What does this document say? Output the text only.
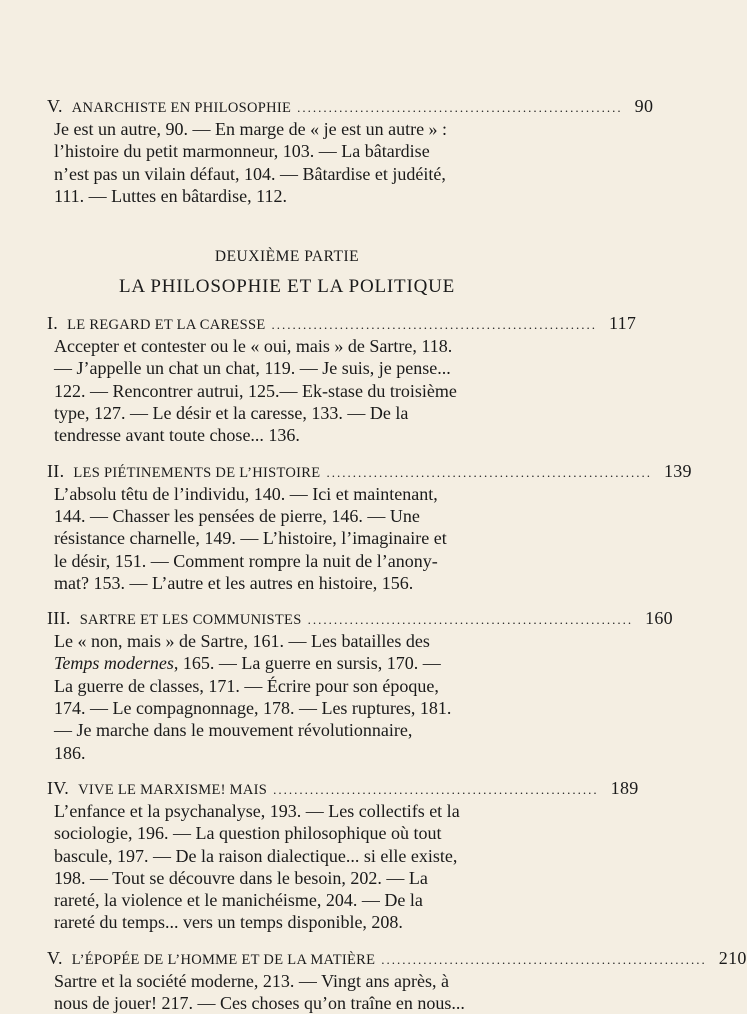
V. ANARCHISTE EN PHILOSOPHIE .............................................................. 90

Je est un autre, 90. — En marge de « je est un autre » :

l’histoire du petit marmonneur, 103. — La bâtardise

n’est pas un vilain défaut, 104. — Bâtardise et judéité,

111. — Luttes en bâtardise, 112.

DEUXIÈME PARTIE
LA PHILOSOPHIE ET LA POLITIQUE
I. LE REGARD ET LA CARESSE .............................................................. 117

Accepter et contester ou le « oui, mais » de Sartre, 118.

— J’appelle un chat un chat, 119. — Je suis, je pense...

122. — Rencontrer autrui, 125.— Ek-stase du troisième

type, 127. — Le désir et la caresse, 133. — De la

tendresse avant toute chose... 136.

II. LES PIÉTINEMENTS DE L’HISTOIRE .............................................................. 139

L’absolu têtu de l’individu, 140. — Ici et maintenant,

144. — Chasser les pensées de pierre, 146. — Une

résistance charnelle, 149. — L’histoire, l’imaginaire et

le désir, 151. — Comment rompre la nuit de l’anony-

mat? 153. — L’autre et les autres en histoire, 156.

III. SARTRE ET LES COMMUNISTES .............................................................. 160

Le « non, mais » de Sartre, 161. — Les batailles des

Temps modernes, 165. — La guerre en sursis, 170. —

La guerre de classes, 171. — Écrire pour son époque,

174. — Le compagnonnage, 178. — Les ruptures, 181.

— Je marche dans le mouvement révolutionnaire,

186.

IV. VIVE LE MARXISME! MAIS .............................................................. 189

L’enfance et la psychanalyse, 193. — Les collectifs et la

sociologie, 196. — La question philosophique où tout

bascule, 197. — De la raison dialectique... si elle existe,

198. — Tout se découvre dans le besoin, 202. — La

rareté, la violence et le manichéisme, 204. — De la

rareté du temps... vers un temps disponible, 208.

V. L’ÉPOPÉE DE L’HOMME ET DE LA MATIÈRE .............................................................. 210

Sartre et la société moderne, 213. — Vingt ans après, à

nous de jouer! 217. — Ces choses qu’on traîne en nous...
